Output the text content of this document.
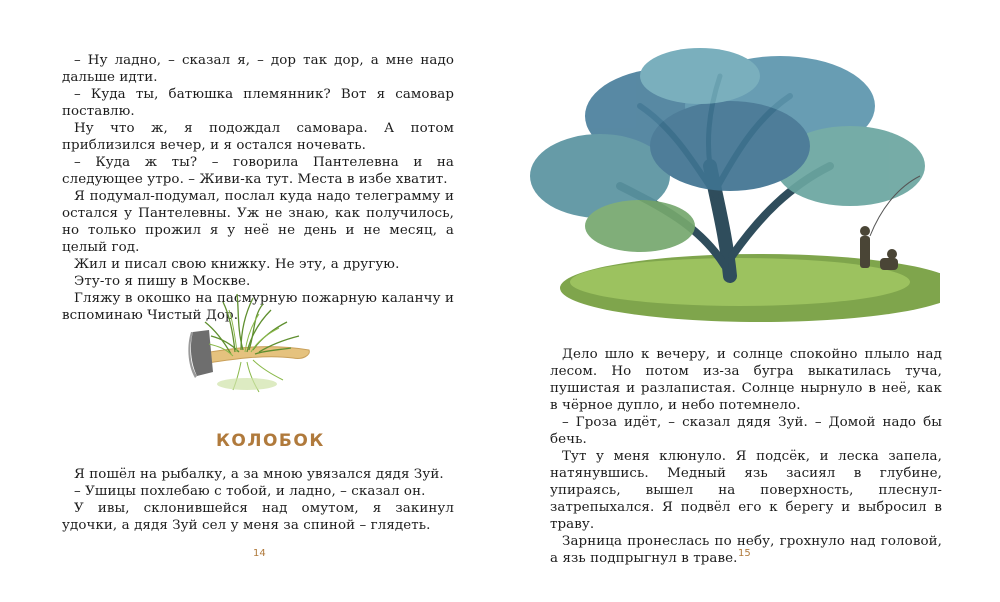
– Ну ладно, – сказал я, – дор так дор, а мне надо дальше идти.

– Куда ты, батюшка племянник? Вот я самовар поставлю.

Ну что ж, я подождал самовара. А потом приблизился вечер, и я остался ночевать.

– Куда ж ты? – говорила Пантелевна и на следующее утро. – Живи-ка тут. Места в избе хватит.

Я подумал-подумал, послал куда надо телеграмму и остался у Пантелевны. Уж не знаю, как получилось, но только прожил я у неё не день и не месяц, а целый год.

Жил и писал свою книжку. Не эту, а другую.

Эту-то я пишу в Москве.

Гляжу в окошко на пасмурную пожарную каланчу и вспоминаю Чистый Дор.

КОЛОБОК

Я пошёл на рыбалку, а за мною увязался дядя Зуй.

– Ушицы похлебаю с тобой, и ладно, – сказал он.

У ивы, склонившейся над омутом, я закинул удочки, а дядя Зуй сел у меня за спиной – глядеть.

14

Дело шло к вечеру, и солнце спокойно плыло над лесом. Но потом из-за бугра выкатилась туча, пушистая и разлапистая. Солнце нырнуло в неё, как в чёрное дупло, и небо потемнело.

– Гроза идёт, – сказал дядя Зуй. – Домой надо бы бечь.

Тут у меня клюнуло. Я подсёк, и леска запела, натянувшись. Медный язь засиял в глубине, упираясь, вышел на поверхность, плеснул-затрепыхался. Я подвёл его к берегу и выбросил в траву.

Зарница пронеслась по небу, грохнуло над головой, а язь подпрыгнул в траве. 15
